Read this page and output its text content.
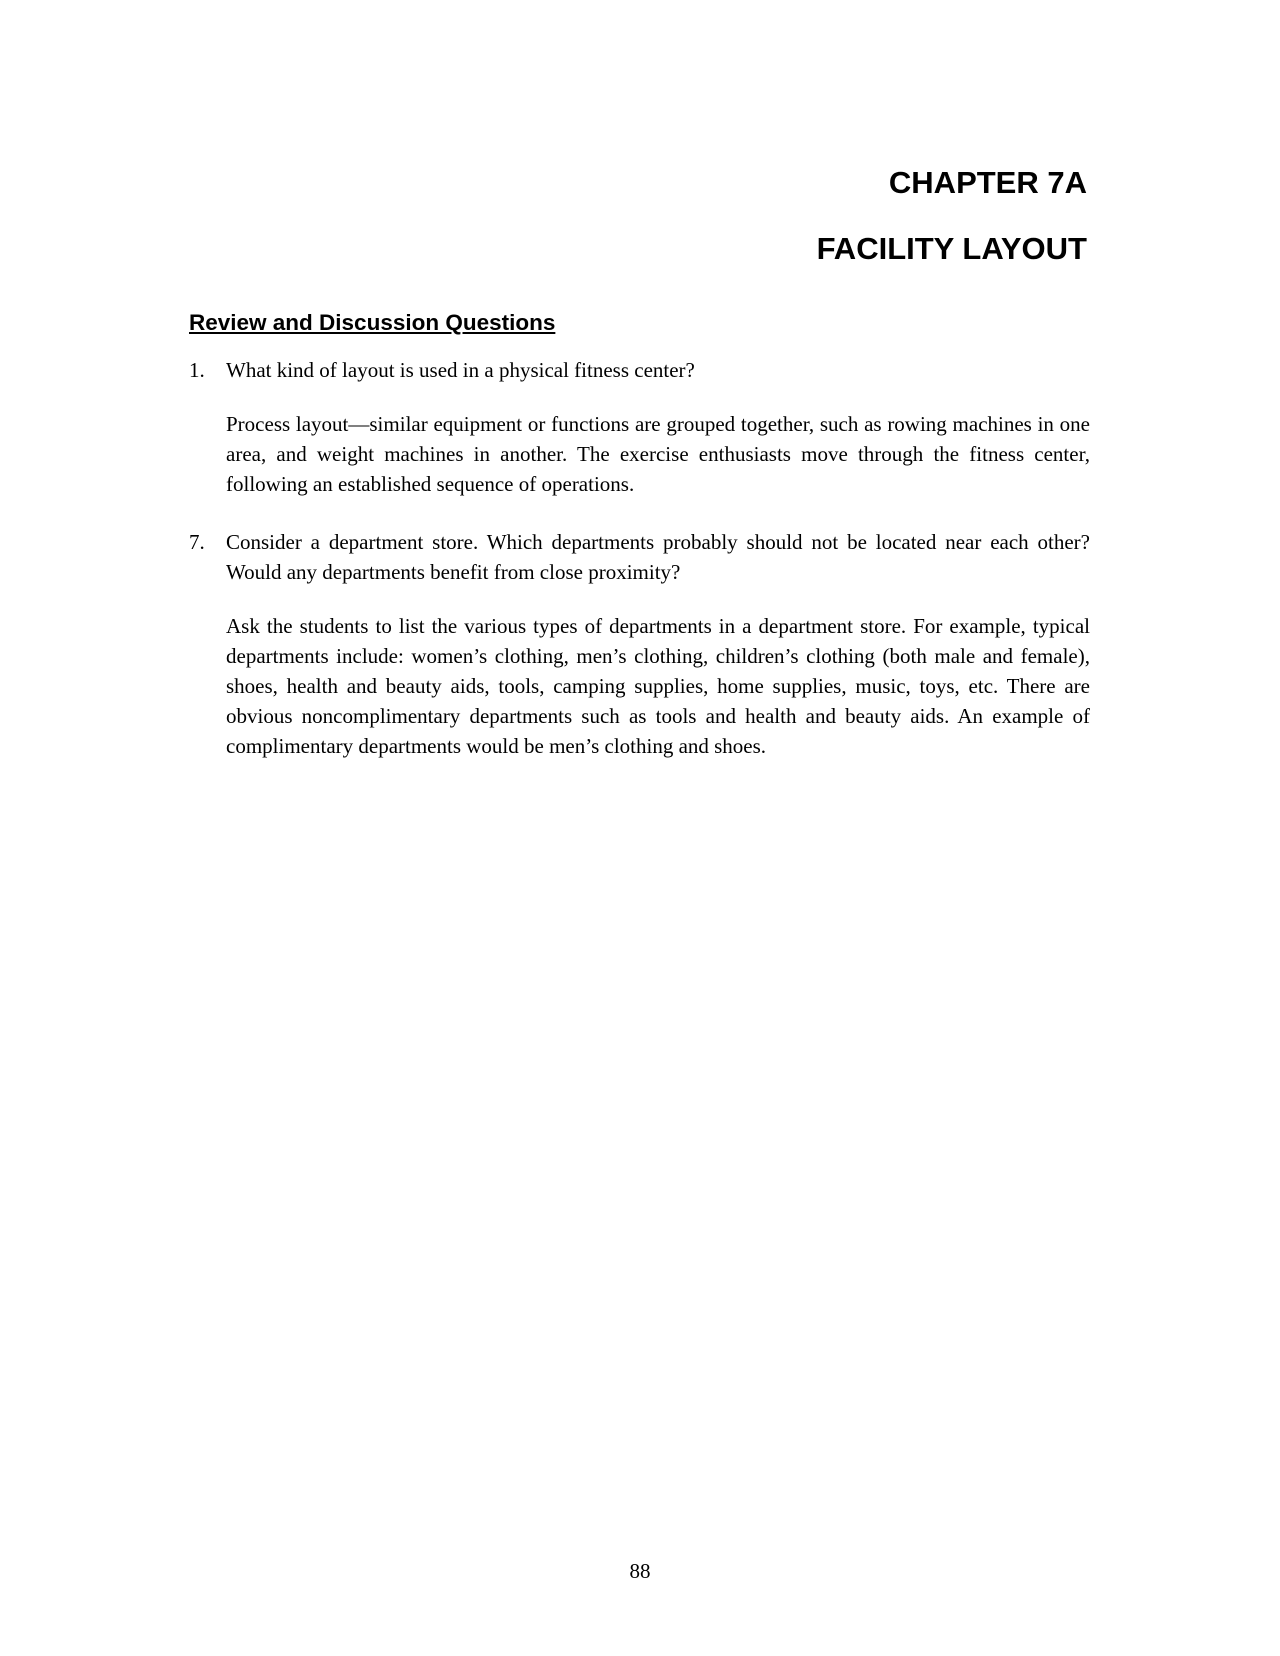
CHAPTER 7A
FACILITY LAYOUT
Review and Discussion Questions
1.	What kind of layout is used in a physical fitness center?

Process layout—similar equipment or functions are grouped together, such as rowing machines in one area, and weight machines in another. The exercise enthusiasts move through the fitness center, following an established sequence of operations.

7.	Consider a department store. Which departments probably should not be located near each other? Would any departments benefit from close proximity?

Ask the students to list the various types of departments in a department store. For example, typical departments include: women’s clothing, men’s clothing, children’s clothing (both male and female), shoes, health and beauty aids, tools, camping supplies, home supplies, music, toys, etc. There are obvious noncomplimentary departments such as tools and health and beauty aids. An example of complimentary departments would be men’s clothing and shoes.

88
